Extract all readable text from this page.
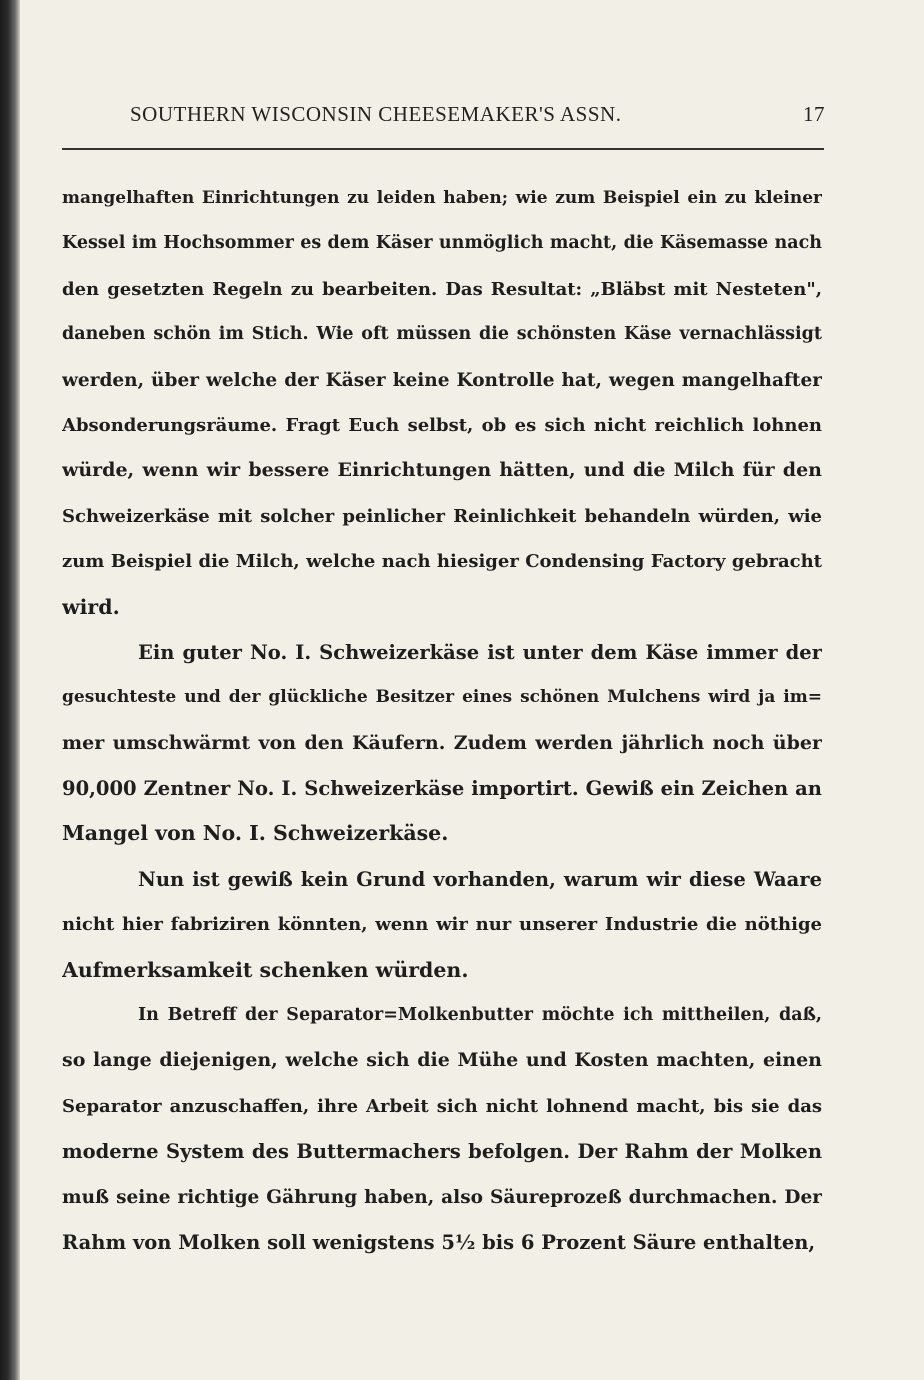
SOUTHERN WISCONSIN CHEESEMAKER'S ASSN.	17
mangelhaften Einrichtungen zu leiden haben; wie zum Beispiel ein zu kleiner
Kessel im Hochsommer es dem Käser unmöglich macht, die Käsemasse nach
den gesetzten Regeln zu bearbeiten. Das Resultat: „Bläbst mit Nesteten",
daneben schön im Stich. Wie oft müssen die schönsten Käse vernachlässigt
werden, über welche der Käser keine Kontrolle hat, wegen mangelhafter
Absonderungsräume. Fragt Euch selbst, ob es sich nicht reichlich lohnen
würde, wenn wir bessere Einrichtungen hätten, und die Milch für den
Schweizerkäse mit solcher peinlicher Reinlichkeit behandeln würden, wie
zum Beispiel die Milch, welche nach hiesiger Condensing Factory gebracht
wird.
Ein guter No. I. Schweizerkäse ist unter dem Käse immer der
gesuchteste und der glückliche Besitzer eines schönen Mulchens wird ja im=
mer umschwärmt von den Käufern. Zudem werden jährlich noch über
90,000 Zentner No. I. Schweizerkäse importirt. Gewiß ein Zeichen an
Mangel von No. I. Schweizerkäse.
Nun ist gewiß kein Grund vorhanden, warum wir diese Waare
nicht hier fabriziren könnten, wenn wir nur unserer Industrie die nöthige
Aufmerksamkeit schenken würden.
In Betreff der Separator=Molkenbutter möchte ich mittheilen, daß,
so lange diejenigen, welche sich die Mühe und Kosten machten, einen
Separator anzuschaffen, ihre Arbeit sich nicht lohnend macht, bis sie das
moderne System des Buttermachers befolgen. Der Rahm der Molken
muß seine richtige Gährung haben, also Säureprozeß durchmachen. Der
Rahm von Molken soll wenigstens 5½ bis 6 Prozent Säure enthalten,
